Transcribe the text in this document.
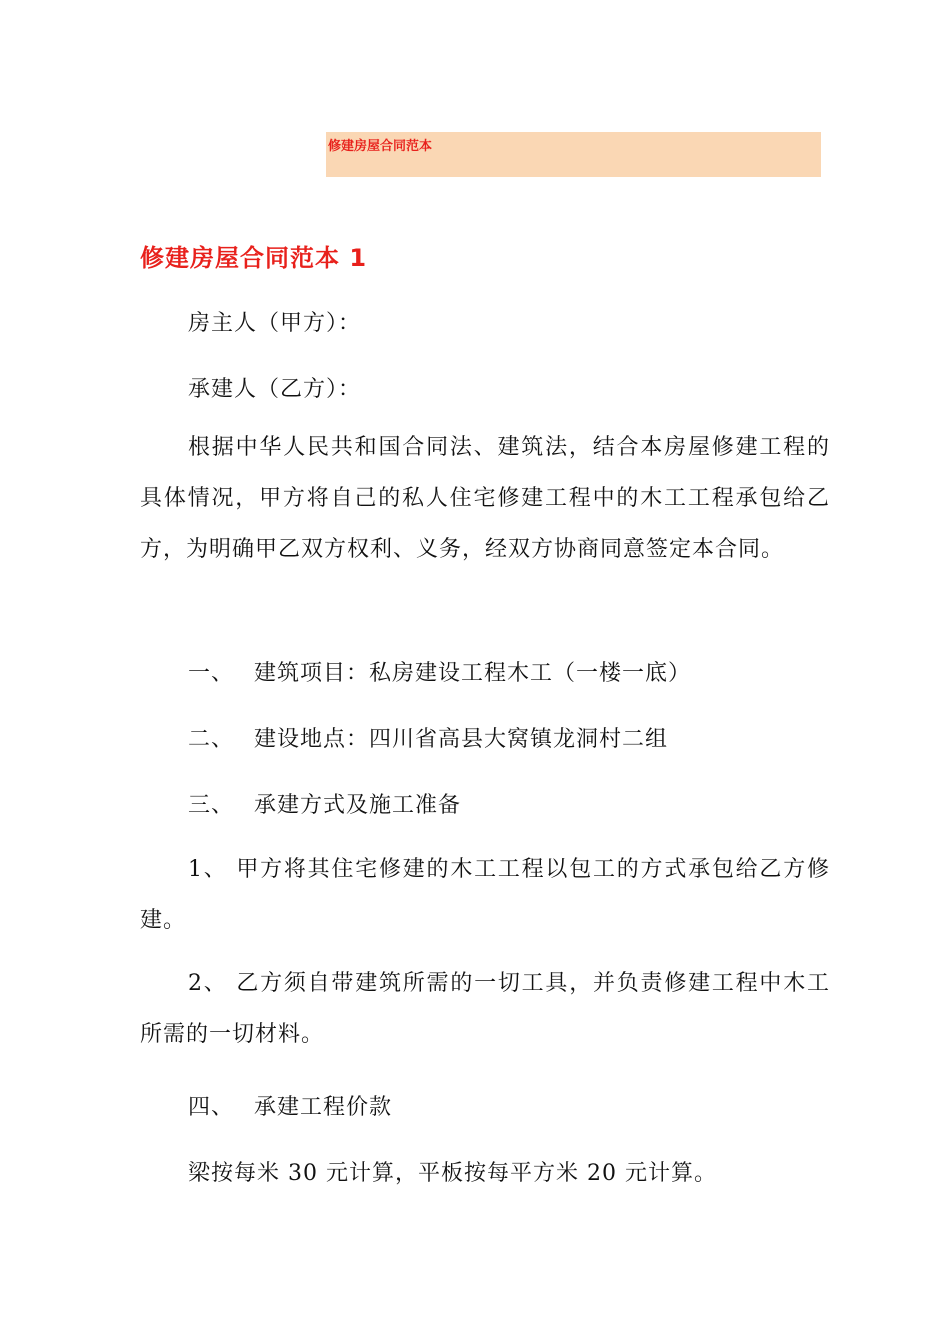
修建房屋合同范本
修建房屋合同范本 1
房主人（甲方）：
承建人（乙方）：
根据中华人民共和国合同法、建筑法，结合本房屋修建工程的具体情况，甲方将自己的私人住宅修建工程中的木工工程承包给乙方，为明确甲乙双方权利、义务，经双方协商同意签定本合同。
一、 建筑项目：私房建设工程木工（一楼一底）
二、 建设地点：四川省高县大窝镇龙洞村二组
三、 承建方式及施工准备
1、 甲方将其住宅修建的木工工程以包工的方式承包给乙方修建。
2、 乙方须自带建筑所需的一切工具，并负责修建工程中木工所需的一切材料。
四、 承建工程价款
梁按每米 30 元计算，平板按每平方米 20 元计算。
